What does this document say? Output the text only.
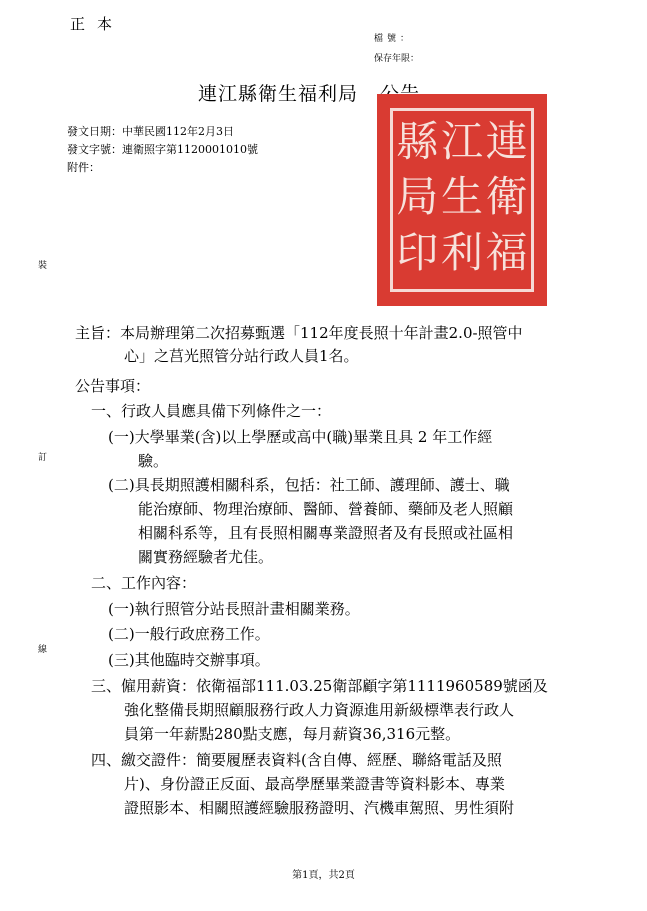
正本
檔號：
保存年限：
連江縣衛生福利局
縣 江 連
局 生 衛
印 利 福
發文日期：中華民國112年2月3日
發文字號：連衛照字第1120001010號
附件：
裝
訂
線
主旨：本局辦理第二次招募甄選「112年度長照十年計畫2.0-照管中
心」之莒光照管分站行政人員1名。
公告事項：
一、行政人員應具備下列條件之一：
(一)大學畢業(含)以上學歷或高中(職)畢業且具 2 年工作經
驗。
(二)具長期照護相關科系，包括：社工師、護理師、護士、職
能治療師、物理治療師、醫師、營養師、藥師及老人照顧
相關科系等，且有長照相關專業證照者及有長照或社區相
關實務經驗者尤佳。
二、工作內容：
(一)執行照管分站長照計畫相關業務。
(二)一般行政庶務工作。
(三)其他臨時交辦事項。
三、僱用薪資：依衛福部111.03.25衛部顧字第1111960589號函及
強化整備長期照顧服務行政人力資源進用新級標準表行政人
員第一年薪點280點支應，每月薪資36,316元整。
四、繳交證件：簡要履歷表資料(含自傳、經歷、聯絡電話及照
片)、身份證正反面、最高學歷畢業證書等資料影本、專業
證照影本、相關照護經驗服務證明、汽機車駕照、男性須附
第1頁，共2頁
